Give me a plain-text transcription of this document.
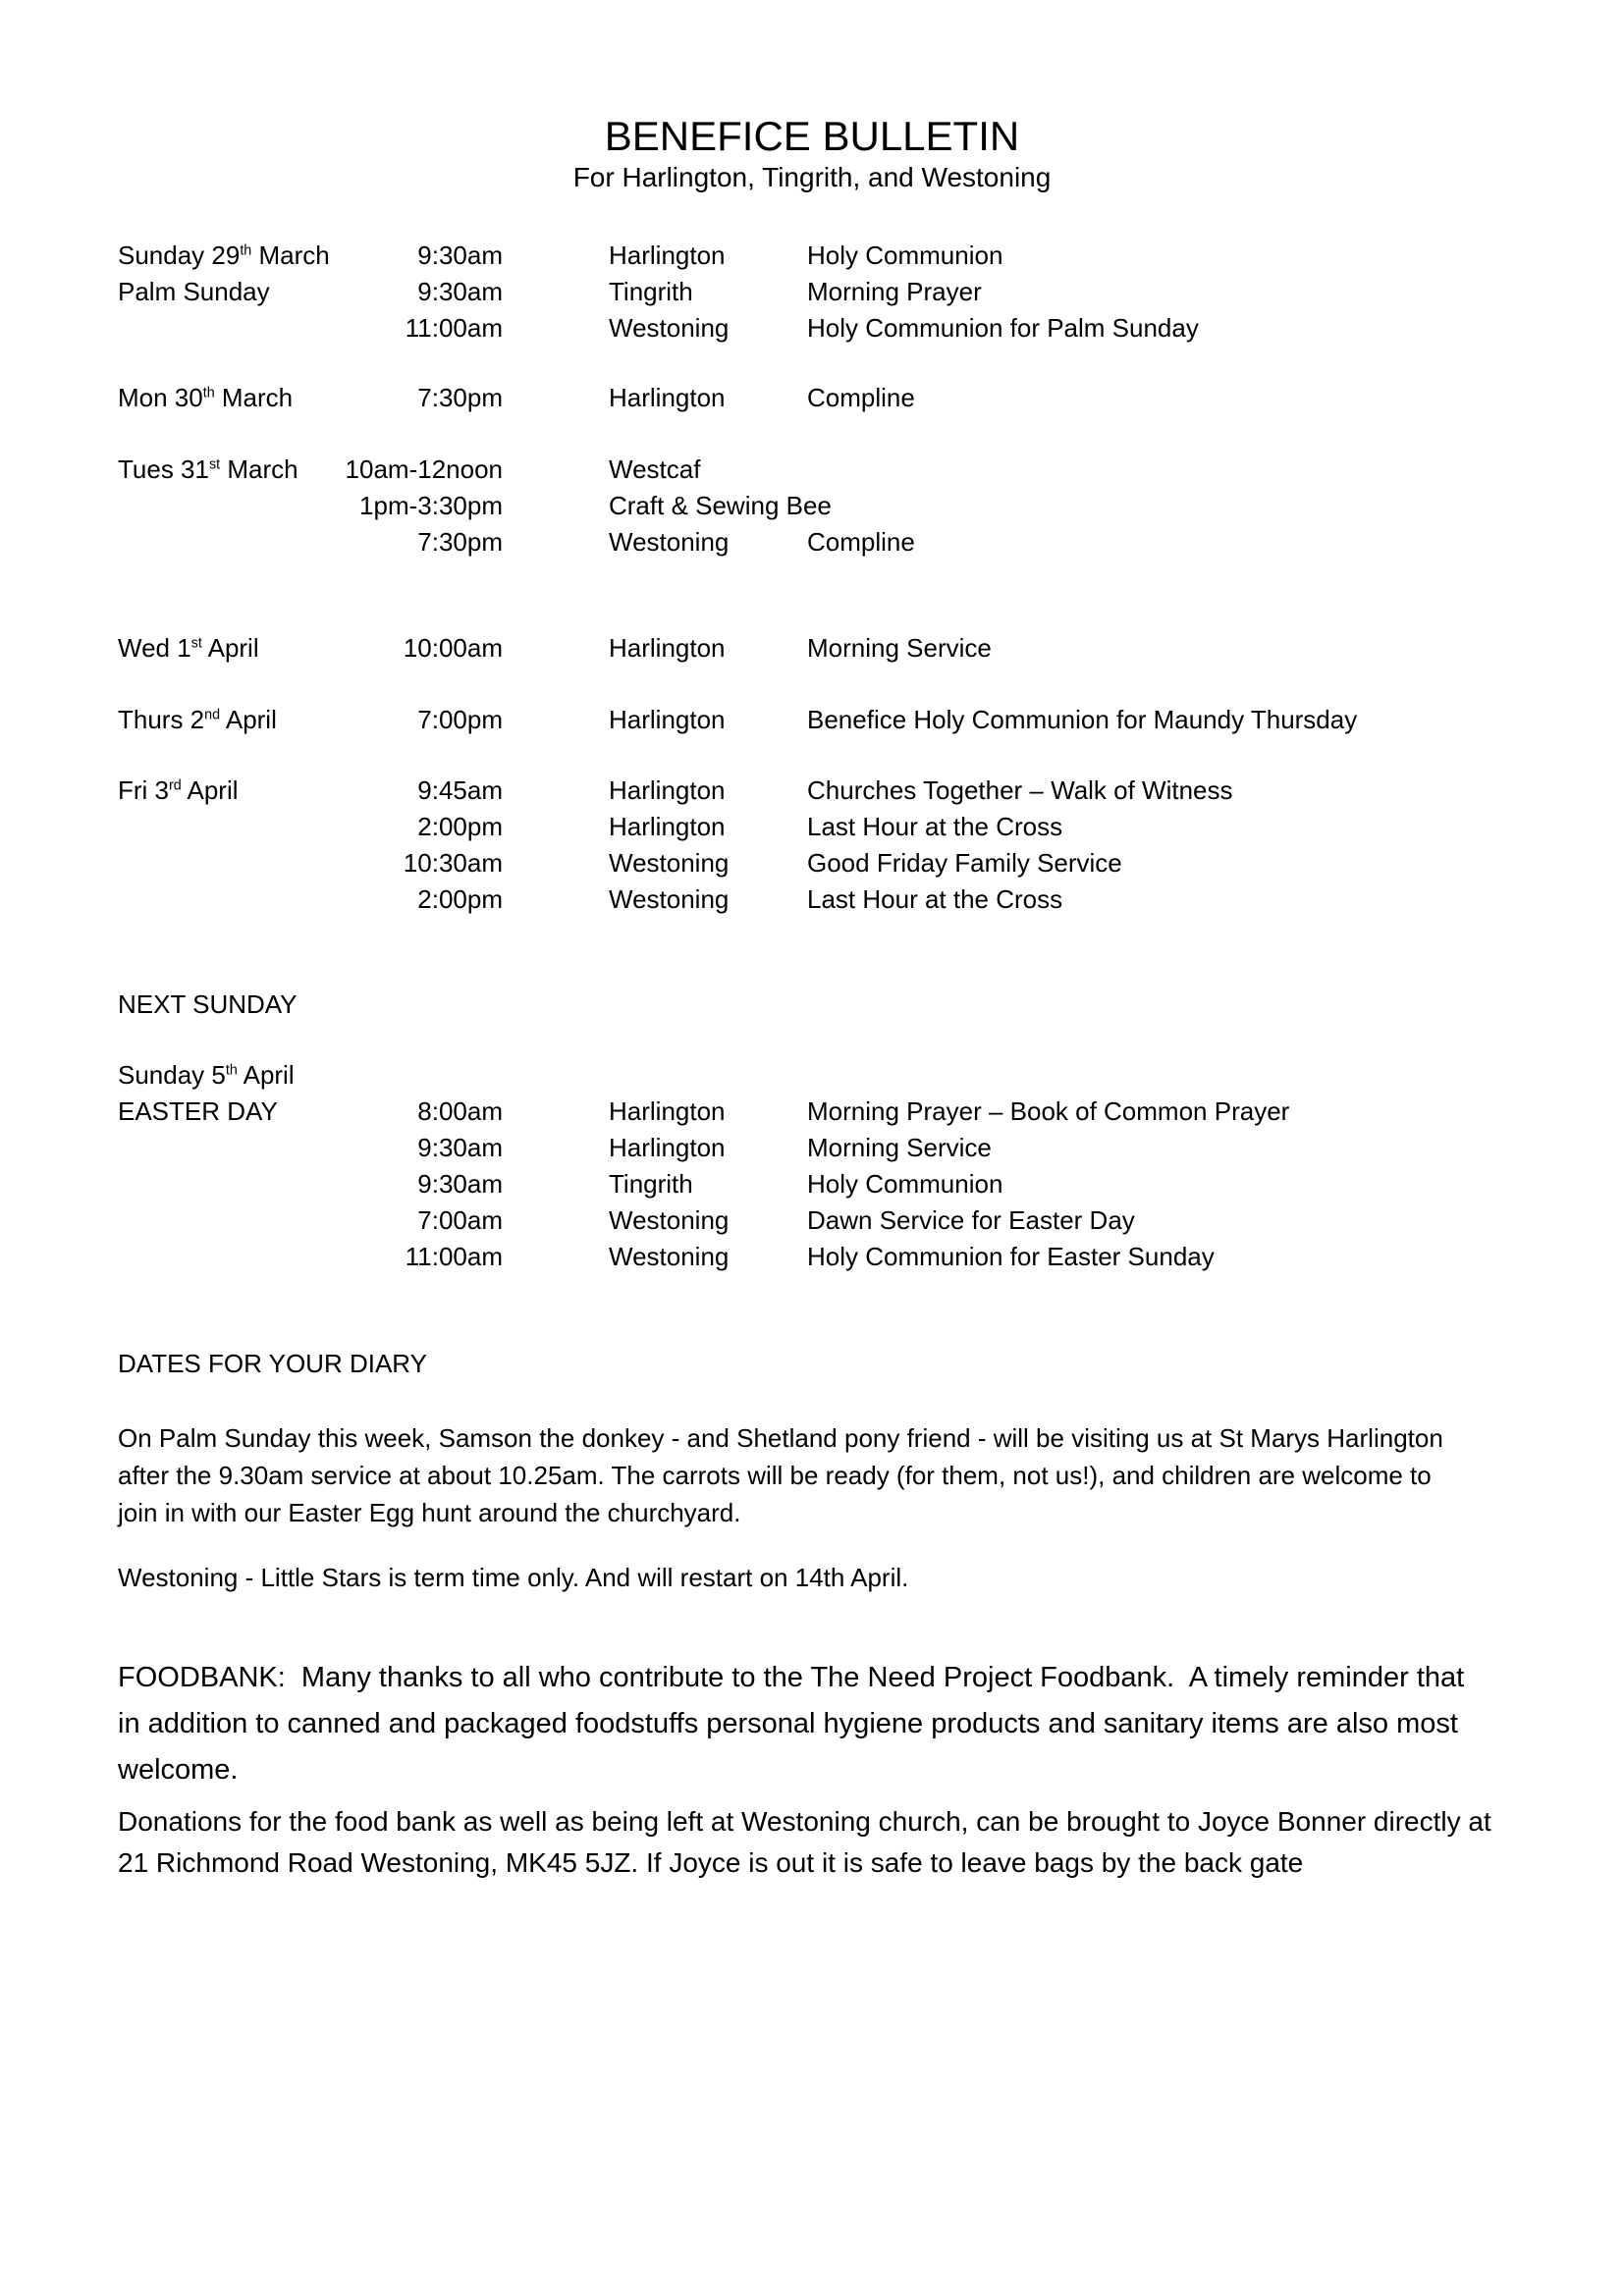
BENEFICE BULLETIN
For Harlington, Tingrith, and Westoning
Sunday 29th March	9:30am	Harlington	Holy Communion
Palm Sunday	9:30am	Tingrith	Morning Prayer
11:00am	Westoning	Holy Communion for Palm Sunday
Mon 30th March	7:30pm	Harlington	Compline
Tues 31st March	10am-12noon	Westcaf
1pm-3:30pm	Craft & Sewing Bee
7:30pm	Westoning	Compline
Wed 1st April	10:00am	Harlington	Morning Service
Thurs 2nd April	7:00pm	Harlington	Benefice Holy Communion for Maundy Thursday
Fri 3rd April	9:45am	Harlington	Churches Together – Walk of Witness
2:00pm	Harlington	Last Hour at the Cross
10:30am	Westoning	Good Friday Family Service
2:00pm	Westoning	Last Hour at the Cross
NEXT SUNDAY
Sunday 5th April
EASTER DAY	8:00am	Harlington	Morning Prayer – Book of Common Prayer
9:30am	Harlington	Morning Service
9:30am	Tingrith	Holy Communion
7:00am	Westoning	Dawn Service for Easter Day
11:00am	Westoning	Holy Communion for Easter Sunday
DATES FOR YOUR DIARY
On Palm Sunday this week, Samson the donkey - and Shetland pony friend - will be visiting us at St Marys Harlington after the 9.30am service at about 10.25am. The carrots will be ready (for them, not us!), and children are welcome to join in with our Easter Egg hunt around the churchyard.
Westoning - Little Stars is term time only. And will restart on 14th April.
FOODBANK:  Many thanks to all who contribute to the The Need Project Foodbank.  A timely reminder that in addition to canned and packaged foodstuffs personal hygiene products and sanitary items are also most welcome.
Donations for the food bank as well as being left at Westoning church, can be brought to Joyce Bonner directly at 21 Richmond Road Westoning, MK45 5JZ. If Joyce is out it is safe to leave bags by the back gate
